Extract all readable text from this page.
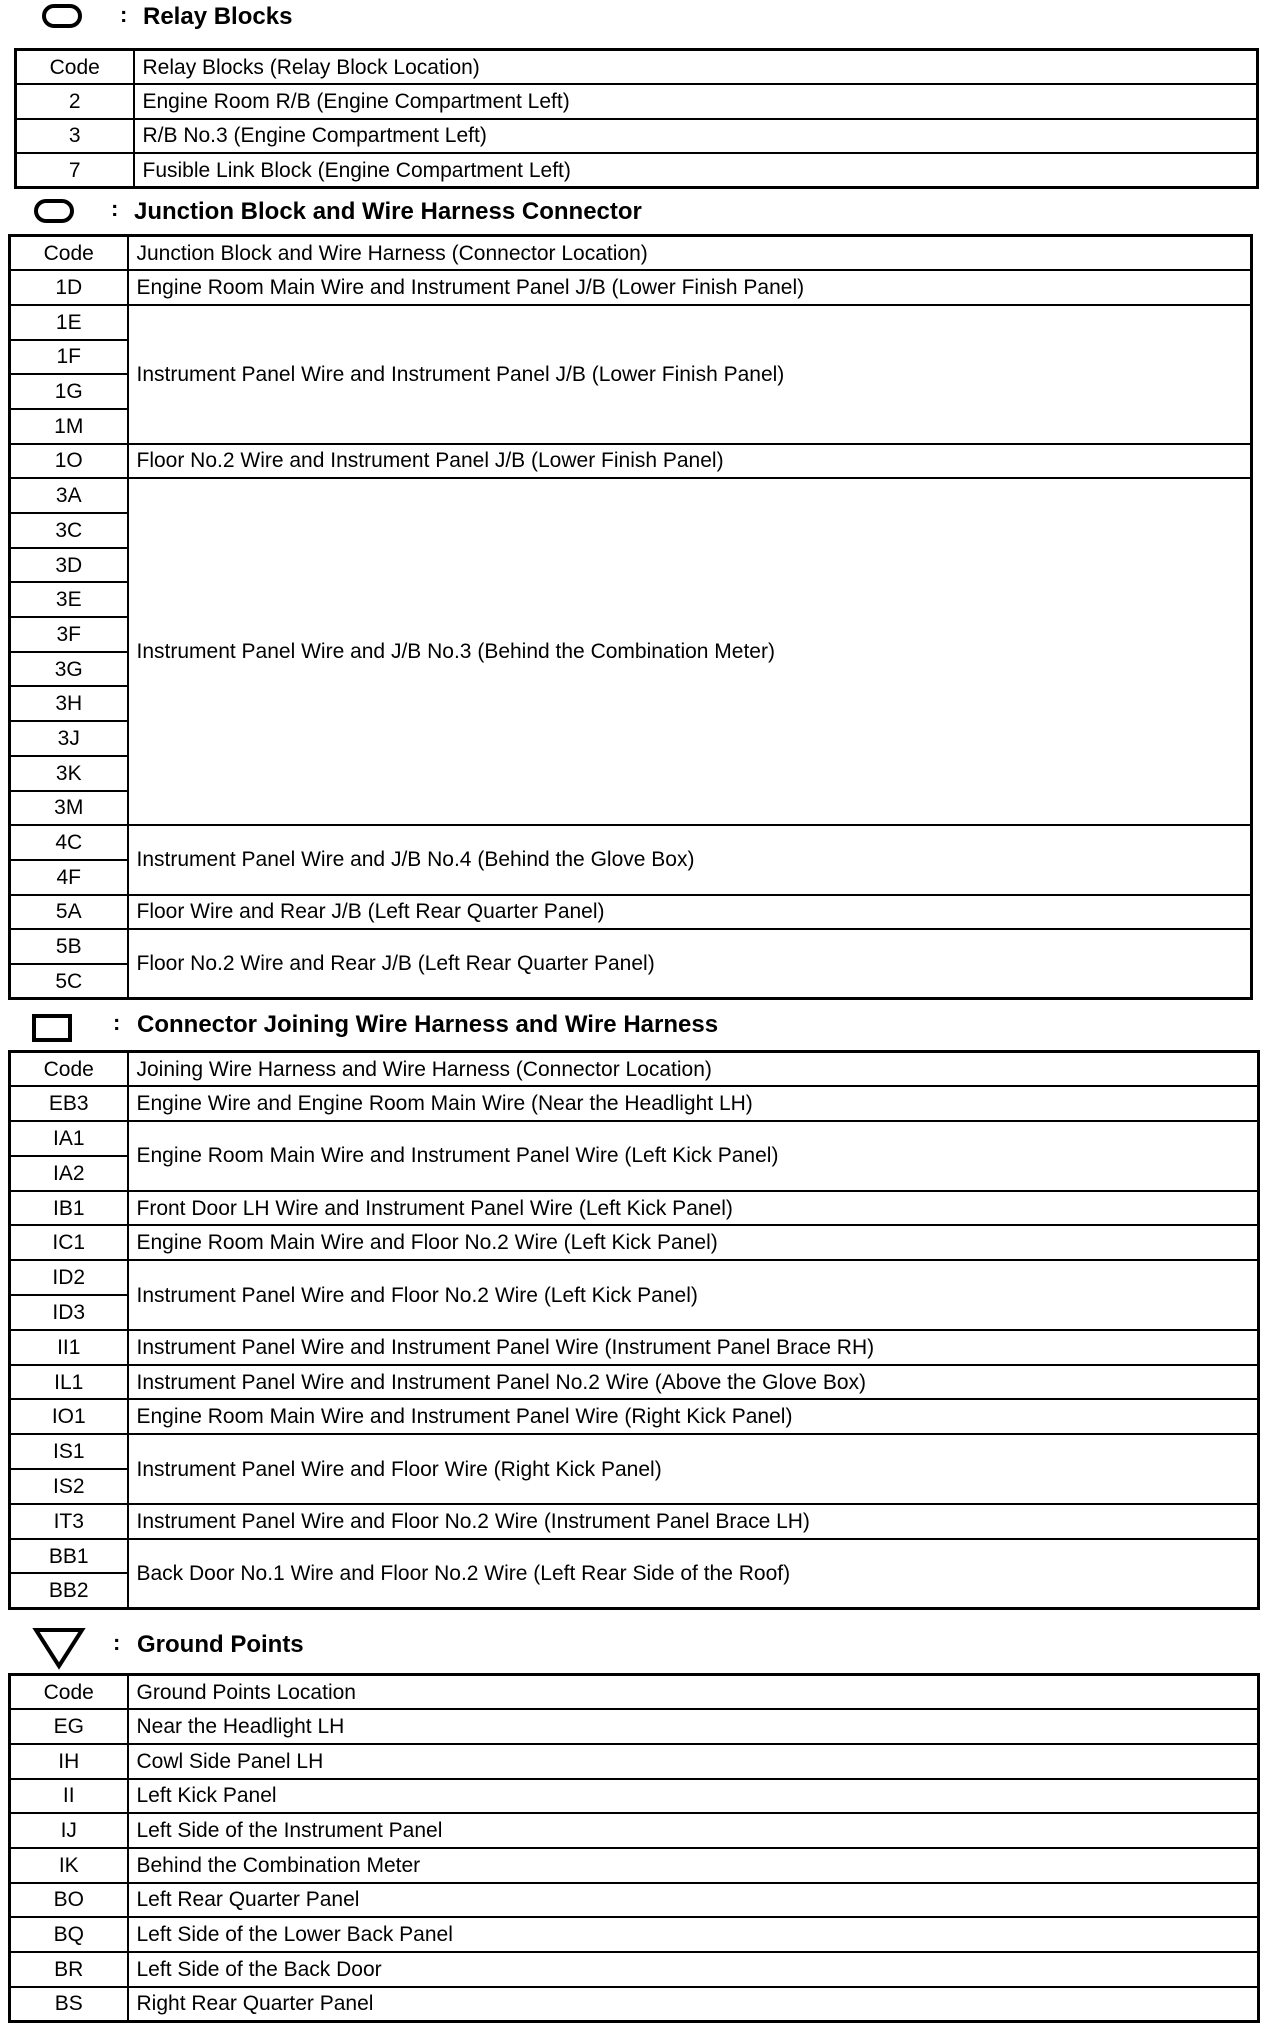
: Relay Blocks
Code	Relay Blocks (Relay Block Location)
2	Engine Room R/B (Engine Compartment Left)
3	R/B No.3 (Engine Compartment Left)
7	Fusible Link Block (Engine Compartment Left)
: Junction Block and Wire Harness Connector
Code	Junction Block and Wire Harness (Connector Location)
1D	Engine Room Main Wire and Instrument Panel J/B (Lower Finish Panel)
1E	Instrument Panel Wire and Instrument Panel J/B (Lower Finish Panel)
1F	
1G	
1M	
1O	Floor No.2 Wire and Instrument Panel J/B (Lower Finish Panel)
3A	Instrument Panel Wire and J/B No.3 (Behind the Combination Meter)
3C	
3D	
3E	
3F	
3G	
3H	
3J	
3K	
3M	
4C	Instrument Panel Wire and J/B No.4 (Behind the Glove Box)
4F	
5A	Floor Wire and Rear J/B (Left Rear Quarter Panel)
5B	Floor No.2 Wire and Rear J/B (Left Rear Quarter Panel)
5C	
: Connector Joining Wire Harness and Wire Harness
Code	Joining Wire Harness and Wire Harness (Connector Location)
EB3	Engine Wire and Engine Room Main Wire (Near the Headlight LH)
IA1	Engine Room Main Wire and Instrument Panel Wire (Left Kick Panel)
IA2	
IB1	Front Door LH Wire and Instrument Panel Wire (Left Kick Panel)
IC1	Engine Room Main Wire and Floor No.2 Wire (Left Kick Panel)
ID2	Instrument Panel Wire and Floor No.2 Wire (Left Kick Panel)
ID3	
II1	Instrument Panel Wire and Instrument Panel Wire (Instrument Panel Brace RH)
IL1	Instrument Panel Wire and Instrument Panel No.2 Wire (Above the Glove Box)
IO1	Engine Room Main Wire and Instrument Panel Wire (Right Kick Panel)
IS1	Instrument Panel Wire and Floor Wire (Right Kick Panel)
IS2	
IT3	Instrument Panel Wire and Floor No.2 Wire (Instrument Panel Brace LH)
BB1	Back Door No.1 Wire and Floor No.2 Wire (Left Rear Side of the Roof)
BB2	
: Ground Points
Code	Ground Points Location
EG	Near the Headlight LH
IH	Cowl Side Panel LH
II	Left Kick Panel
IJ	Left Side of the Instrument Panel
IK	Behind the Combination Meter
BO	Left Rear Quarter Panel
BQ	Left Side of the Lower Back Panel
BR	Left Side of the Back Door
BS	Right Rear Quarter Panel
